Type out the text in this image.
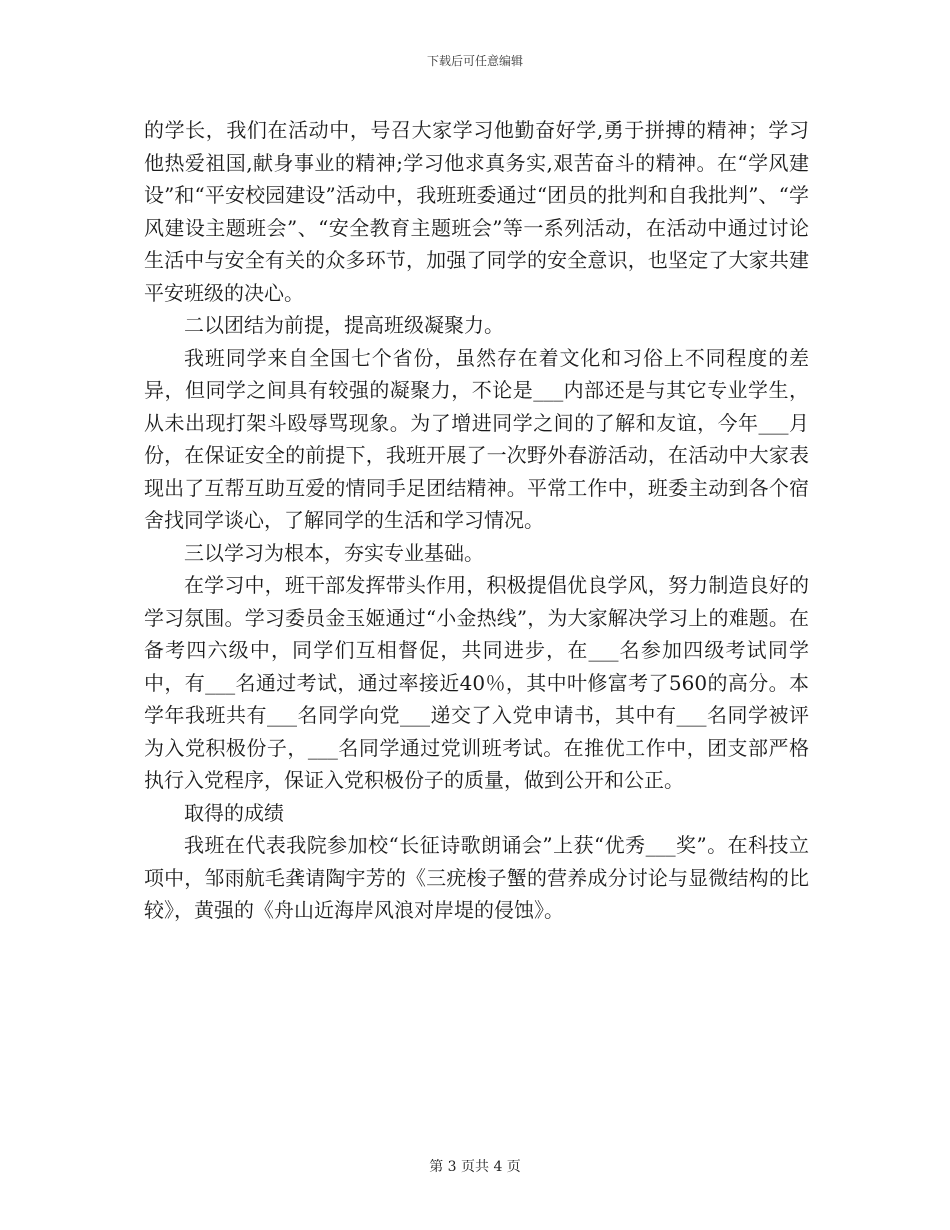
下载后可任意编辑

的学长，我们在活动中，号召大家学习他勤奋好学,勇于拼搏的精神；学习他热爱祖国,献身事业的精神;学习他求真务实,艰苦奋斗的精神。在“学风建设”和“平安校园建设”活动中，我班班委通过“团员的批判和自我批判”、“学风建设主题班会”、“安全教育主题班会”等一系列活动，在活动中通过讨论生活中与安全有关的众多环节，加强了同学的安全意识，也坚定了大家共建平安班级的决心。

二以团结为前提，提高班级凝聚力。

我班同学来自全国七个省份，虽然存在着文化和习俗上不同程度的差异，但同学之间具有较强的凝聚力，不论是___内部还是与其它专业学生，从未出现打架斗殴辱骂现象。为了增进同学之间的了解和友谊，今年___月份，在保证安全的前提下，我班开展了一次野外春游活动，在活动中大家表现出了互帮互助互爱的情同手足团结精神。平常工作中，班委主动到各个宿舍找同学谈心，了解同学的生活和学习情况。

三以学习为根本，夯实专业基础。

在学习中，班干部发挥带头作用，积极提倡优良学风，努力制造良好的学习氛围。学习委员金玉姬通过“小金热线”，为大家解决学习上的难题。在备考四六级中，同学们互相督促，共同进步，在___名参加四级考试同学中，有___名通过考试，通过率接近40％，其中叶修富考了560的高分。本学年我班共有___名同学向党___递交了入党申请书，其中有___名同学被评为入党积极份子，___名同学通过党训班考试。在推优工作中，团支部严格执行入党程序，保证入党积极份子的质量，做到公开和公正。

取得的成绩

我班在代表我院参加校“长征诗歌朗诵会”上获“优秀___奖”。在科技立项中，邹雨航毛龚请陶宇芳的《三疣梭子蟹的营养成分讨论与显微结构的比较》，黄强的《舟山近海岸风浪对岸堤的侵蚀》。

第 3 页共 4 页
